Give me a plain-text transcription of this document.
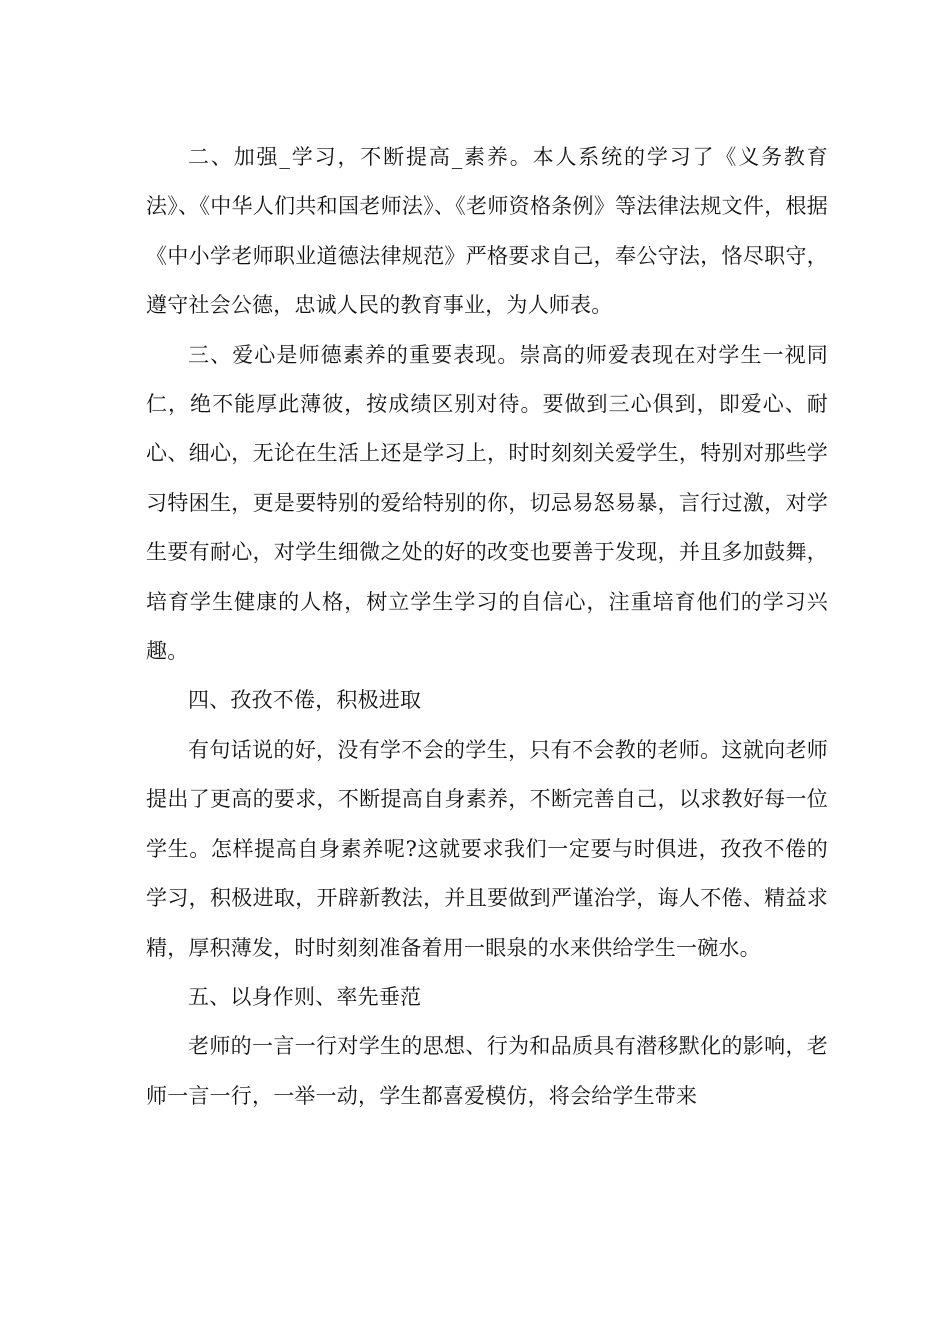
二、加强_学习，不断提高_素养。本人系统的学习了《义务教育法》、《中华人们共和国老师法》、《老师资格条例》等法律法规文件，根据《中小学老师职业道德法律规范》严格要求自己，奉公守法，恪尽职守，遵守社会公德，忠诚人民的教育事业，为人师表。

三、爱心是师德素养的重要表现。崇高的师爱表现在对学生一视同仁，绝不能厚此薄彼，按成绩区别对待。要做到三心俱到，即爱心、耐心、细心，无论在生活上还是学习上，时时刻刻关爱学生，特别对那些学习特困生，更是要特别的爱给特别的你，切忌易怒易暴，言行过激，对学生要有耐心，对学生细微之处的好的改变也要善于发现，并且多加鼓舞，培育学生健康的人格，树立学生学习的自信心，注重培育他们的学习兴趣。

四、孜孜不倦，积极进取

有句话说的好，没有学不会的学生，只有不会教的老师。这就向老师提出了更高的要求，不断提高自身素养，不断完善自己，以求教好每一位学生。怎样提高自身素养呢?这就要求我们一定要与时俱进，孜孜不倦的学习，积极进取，开辟新教法，并且要做到严谨治学，诲人不倦、精益求精，厚积薄发，时时刻刻准备着用一眼泉的水来供给学生一碗水。

五、以身作则、率先垂范

老师的一言一行对学生的思想、行为和品质具有潜移默化的影响，老师一言一行，一举一动，学生都喜爱模仿，将会给学生带来
